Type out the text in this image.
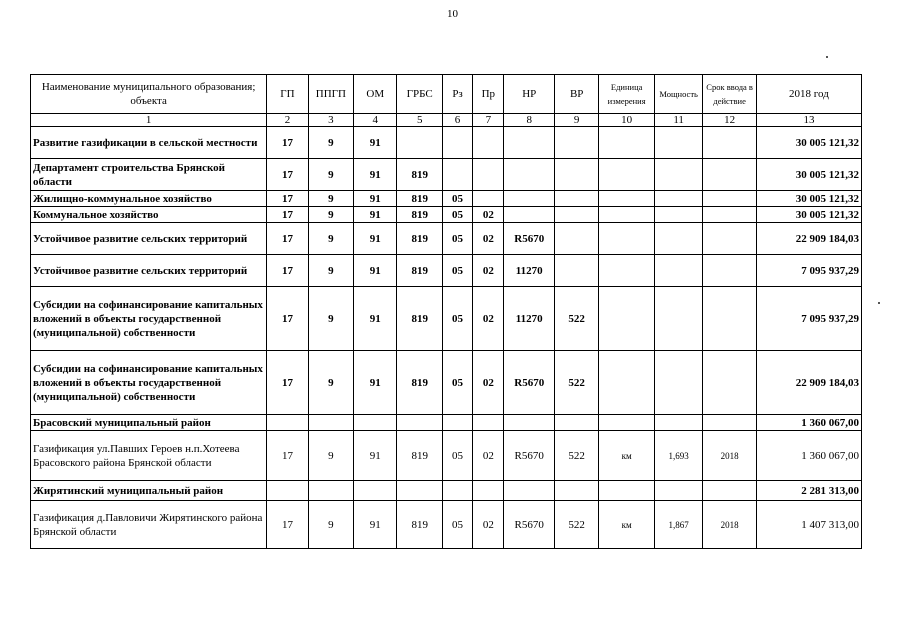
10
Наименование муниципального образования; объекта	ГП	ППГП	ОМ	ГРБС	Рз	Пр	НР	ВР	Единица измерения	Мощность	Срок ввода в действие	2018 год
1	2	3	4	5	6	7	8	9	10	11	12	13
Развитие газификации в сельской местности	17	9	91									30 005 121,32
Департамент строительства Брянской области	17	9	91	819								30 005 121,32
Жилищно-коммунальное хозяйство	17	9	91	819	05							30 005 121,32
Коммунальное хозяйство	17	9	91	819	05	02						30 005 121,32
Устойчивое развитие сельских территорий	17	9	91	819	05	02	R5670					22 909 184,03
Устойчивое развитие сельских территорий	17	9	91	819	05	02	11270					7 095 937,29
Субсидии на софинансирование капитальных вложений в объекты государственной (муниципальной) собственности	17	9	91	819	05	02	11270	522				7 095 937,29
Субсидии на софинансирование капитальных вложений в объекты государственной (муниципальной) собственности	17	9	91	819	05	02	R5670	522				22 909 184,03
Брасовский муниципальный район												1 360 067,00
Газификация ул.Павших Героев н.п.Хотеева Брасовского района Брянской области	17	9	91	819	05	02	R5670	522	км	1,693	2018	1 360 067,00
Жирятинский муниципальный район												2 281 313,00
Газификация д.Павловичи Жирятинского района Брянской области	17	9	91	819	05	02	R5670	522	км	1,867	2018	1 407 313,00
